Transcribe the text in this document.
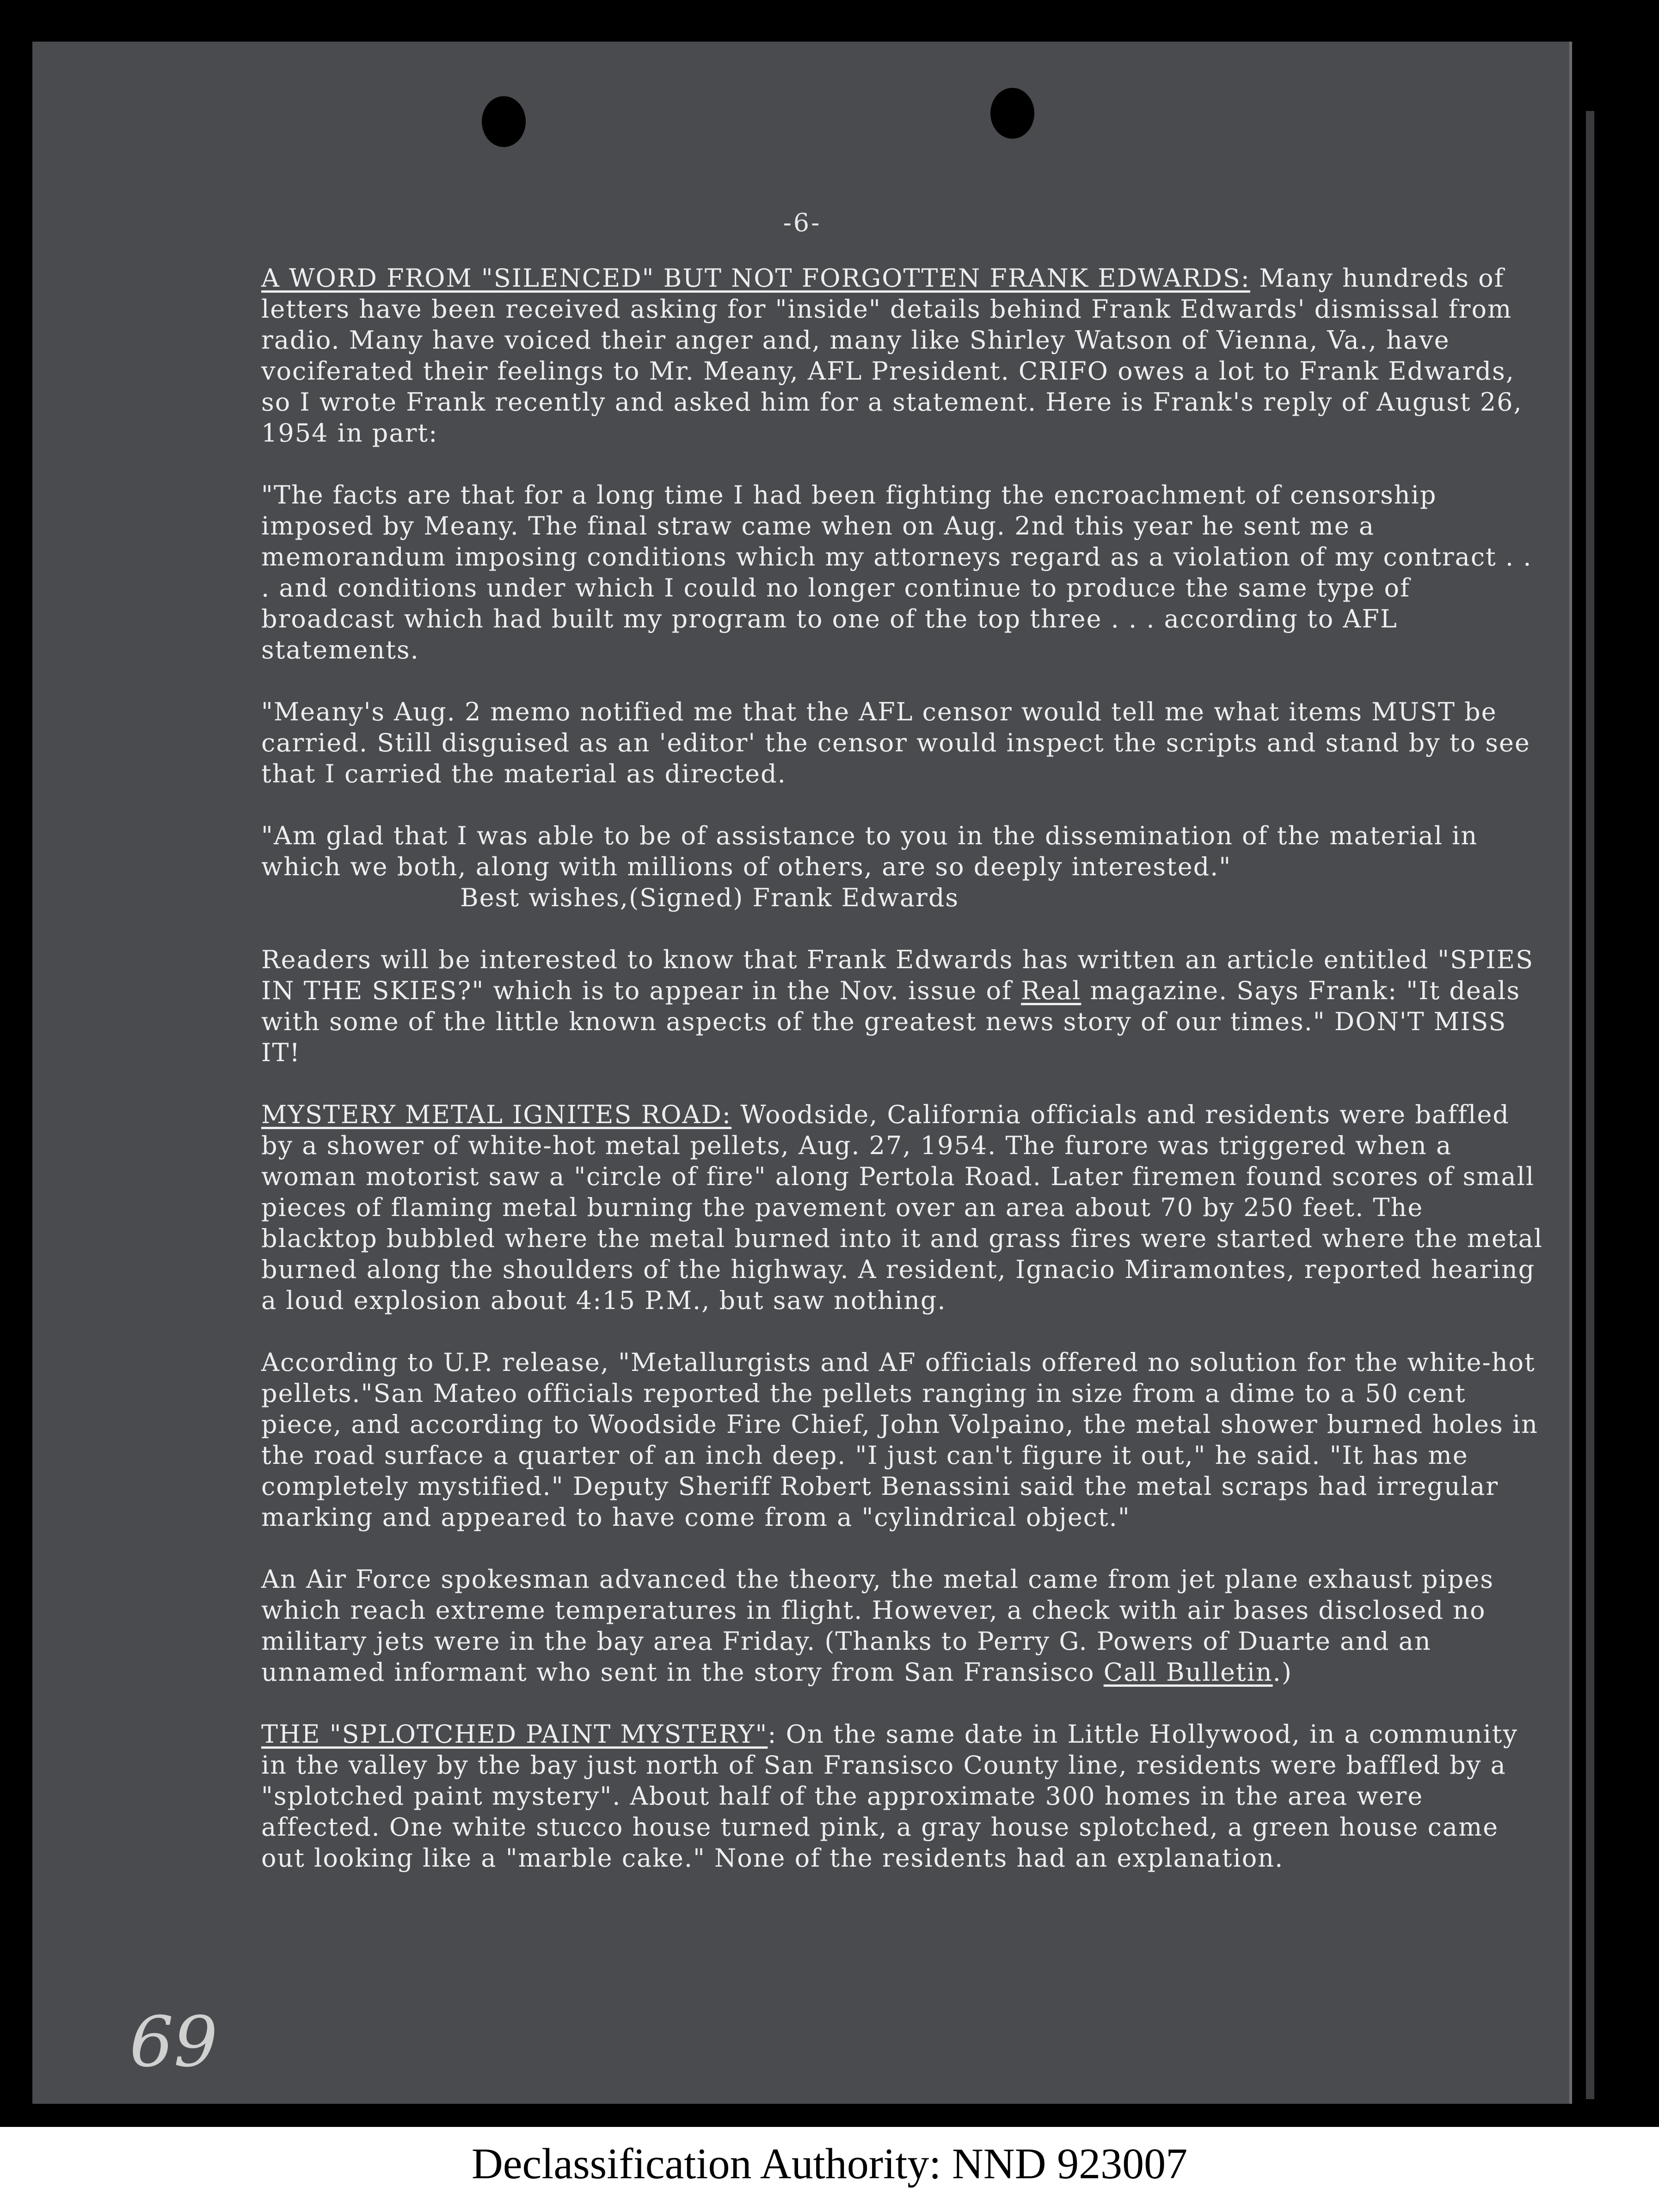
-6-

A WORD FROM "SILENCED" BUT NOT FORGOTTEN FRANK EDWARDS: Many hundreds of letters have been received asking for "inside" details behind Frank Edwards' dismissal from radio. Many have voiced their anger and, many like Shirley Watson of Vienna, Va., have vociferated their feelings to Mr. Meany, AFL President. CRIFO owes a lot to Frank Edwards, so I wrote Frank recently and asked him for a statement. Here is Frank's reply of August 26, 1954 in part:

"The facts are that for a long time I had been fighting the encroachment of censorship imposed by Meany. The final straw came when on Aug. 2nd this year he sent me a memorandum imposing conditions which my attorneys regard as a violation of my contract . . . and conditions under which I could no longer continue to produce the same type of broadcast which had built my program to one of the top three . . . according to AFL statements.

"Meany's Aug. 2 memo notified me that the AFL censor would tell me what items MUST be carried. Still disguised as an 'editor' the censor would inspect the scripts and stand by to see that I carried the material as directed.

"Am glad that I was able to be of assistance to you in the dissemination of the material in which we both, along with millions of others, are so deeply interested." Best wishes,(Signed) Frank Edwards

Readers will be interested to know that Frank Edwards has written an article entitled "SPIES IN THE SKIES?" which is to appear in the Nov. issue of Real magazine. Says Frank: "It deals with some of the little known aspects of the greatest news story of our times." DON'T MISS IT!

MYSTERY METAL IGNITES ROAD: Woodside, California officials and residents were baffled by a shower of white-hot metal pellets, Aug. 27, 1954. The furore was triggered when a woman motorist saw a "circle of fire" along Pertola Road. Later firemen found scores of small pieces of flaming metal burning the pavement over an area about 70 by 250 feet. The blacktop bubbled where the metal burned into it and grass fires were started where the metal burned along the shoulders of the highway. A resident, Ignacio Miramontes, reported hearing a loud explosion about 4:15 P.M., but saw nothing.

According to U.P. release, "Metallurgists and AF officials offered no solution for the white-hot pellets."San Mateo officials reported the pellets ranging in size from a dime to a 50 cent piece, and according to Woodside Fire Chief, John Volpaino, the metal shower burned holes in the road surface a quarter of an inch deep. "I just can't figure it out," he said. "It has me completely mystified." Deputy Sheriff Robert Benassini said the metal scraps had irregular marking and appeared to have come from a "cylindrical object."

An Air Force spokesman advanced the theory, the metal came from jet plane exhaust pipes which reach extreme temperatures in flight. However, a check with air bases disclosed no military jets were in the bay area Friday. (Thanks to Perry G. Powers of Duarte and an unnamed informant who sent in the story from San Fransisco Call Bulletin.)

THE "SPLOTCHED PAINT MYSTERY": On the same date in Little Hollywood, in a community in the valley by the bay just north of San Fransisco County line, residents were baffled by a "splotched paint mystery". About half of the approximate 300 homes in the area were affected. One white stucco house turned pink, a gray house splotched, a green house came out looking like a "marble cake." None of the residents had an explanation.

69
Declassification Authority: NND 923007
